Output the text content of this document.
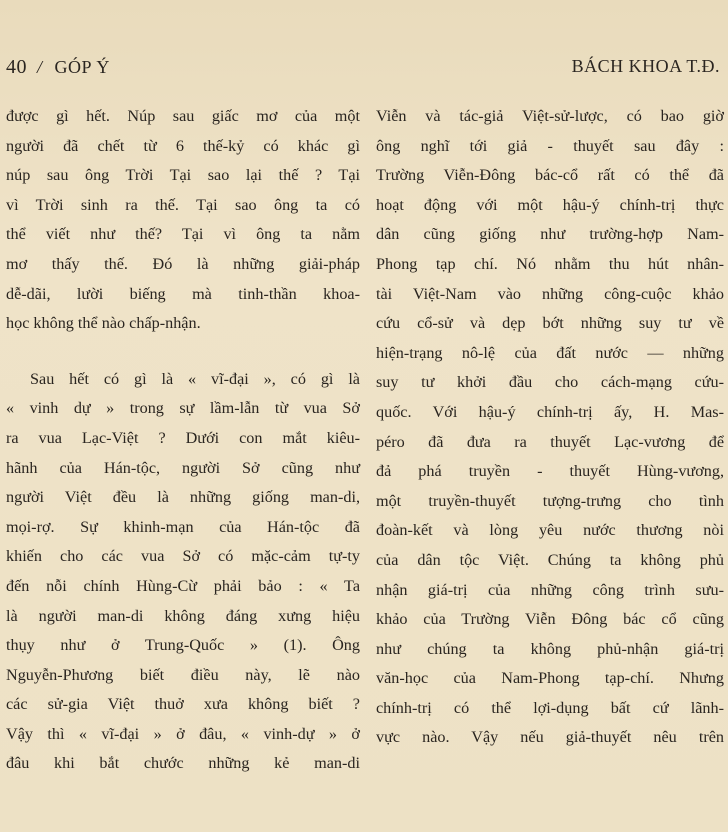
40 / GÓP Ý	BÁCH KHOA T.Đ.
được gì hết. Núp sau giấc mơ của một
người đã chết từ 6 thế-kỷ có khác gì
núp sau ông Trời Tại sao lại thế ? Tại
vì Trời sinh ra thế. Tại sao ông ta có
thể viết như thế? Tại vì ông ta nằm
mơ thấy thế. Đó là những giải-pháp
dễ-dãi, lười biếng mà tinh-thần khoa-
học không thể nào chấp-nhận.
Sau hết có gì là « vĩ-đại », có gì là
« vinh dự » trong sự lầm-lẫn từ vua Sở
ra vua Lạc-Việt ? Dưới con mắt kiêu-
hãnh của Hán-tộc, người Sở cũng như
người Việt đều là những giống man-di,
mọi-rợ. Sự khinh-mạn của Hán-tộc đã
khiến cho các vua Sở có mặc-cảm tự-ty
đến nỗi chính Hùng-Cừ phải bảo : « Ta
là người man-di không đáng xưng hiệu
thụy như ở Trung-Quốc » (1). Ông
Nguyễn-Phương biết điều này, lẽ nào
các sử-gia Việt thuở xưa không biết ?
Vậy thì « vĩ-đại » ở đâu, « vinh-dự » ở
đâu khi bắt chước những kẻ man-di
Viễn và tác-giả Việt-sử-lược, có bao giờ
ông nghĩ tới giả - thuyết sau đây :
Trường Viễn-Đông bác-cổ rất có thể đã
hoạt động với một hậu-ý chính-trị thực
dân cũng giống như trường-hợp Nam-
Phong tạp chí. Nó nhằm thu hút nhân-
tài Việt-Nam vào những công-cuộc khảo
cứu cổ-sử và dẹp bớt những suy tư về
hiện-trạng nô-lệ của đất nước — những
suy tư khởi đầu cho cách-mạng cứu-
quốc. Với hậu-ý chính-trị ấy, H. Mas-
péro đã đưa ra thuyết Lạc-vương để
đả phá truyền - thuyết Hùng-vương,
một truyền-thuyết tượng-trưng cho tình
đoàn-kết và lòng yêu nước thương nòi
của dân tộc Việt. Chúng ta không phủ
nhận giá-trị của những công trình sưu-
khảo của Trường Viễn Đông bác cổ cũng
như chúng ta không phủ-nhận giá-trị
văn-học của Nam-Phong tạp-chí. Nhưng
chính-trị có thể lợi-dụng bất cứ lãnh-
vực nào. Vậy nếu giả-thuyết nêu trên
